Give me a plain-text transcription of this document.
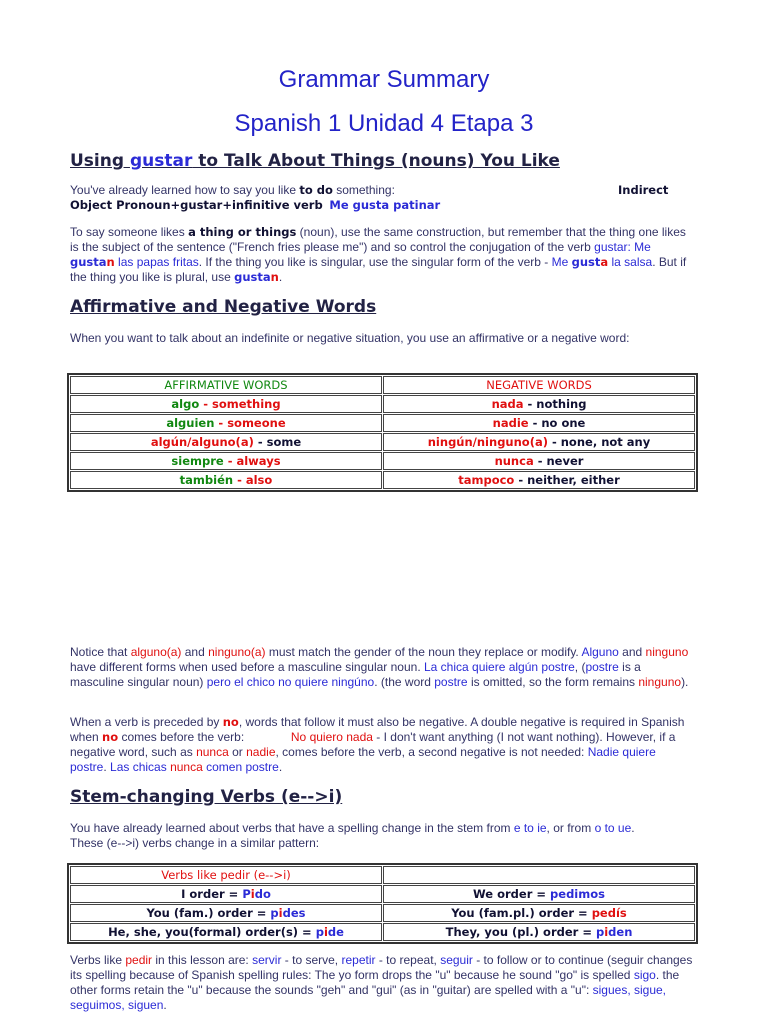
Grammar Summary
Spanish 1 Unidad 4 Etapa 3
Using gustar to Talk About Things (nouns) You Like
You've already learned how to say you like to do something:	Indirect

Object Pronoun+gustar+infinitive verb Me gusta patinar
To say someone likes a thing or things (noun), use the same construction, but remember that the thing one likes is the subject of the sentence ("French fries please me") and so control the conjugation of the verb gustar: Me gustan las papas fritas. If the thing you like is singular, use the singular form of the verb - Me gusta la salsa. But if the thing you like is plural, use gustan.
Affirmative and Negative Words
When you want to talk about an indefinite or negative situation, you use an affirmative or a negative word:
AFFIRMATIVE WORDS	NEGATIVE WORDS
algo - something	nada - nothing
alguien - someone	nadie - no one
algún/alguno(a) - some	ningún/ninguno(a) - none, not any
siempre - always	nunca - never
también - also	tampoco - neither, either
Notice that alguno(a) and ninguno(a) must match the gender of the noun they replace or modify. Alguno and ninguno have different forms when used before a masculine singular noun. La chica quiere algún postre, (postre is a masculine singular noun) pero el chico no quiere ningúno. (the word postre is omitted, so the form remains ninguno).
When a verb is preceded by no, words that follow it must also be negative. A double negative is required in Spanish when no comes before the verb:	No quiero nada - I don't want anything (I not want nothing). However, if a negative word, such as nunca or nadie, comes before the verb, a second negative is not needed: Nadie quiere postre. Las chicas nunca comen postre.
Stem-changing Verbs (e-->i)
You have already learned about verbs that have a spelling change in the stem from e to ie, or from o to ue. These (e-->i) verbs change in a similar pattern:
Verbs like pedir (e-->i)	
I order = Pido	We order = pedimos
You (fam.) order = pides	You (fam.pl.) order = pedís
He, she, you(formal) order(s) = pide	They, you (pl.) order = piden
Verbs like pedir in this lesson are: servir - to serve, repetir - to repeat, seguir - to follow or to continue (seguir changes its spelling because of Spanish spelling rules: The yo form drops the "u" because he sound "go" is spelled sigo. the other forms retain the "u" because the sounds "geh" and "gui" (as in "guitar) are spelled with a "u": sigues, sigue, seguimos, siguen.
